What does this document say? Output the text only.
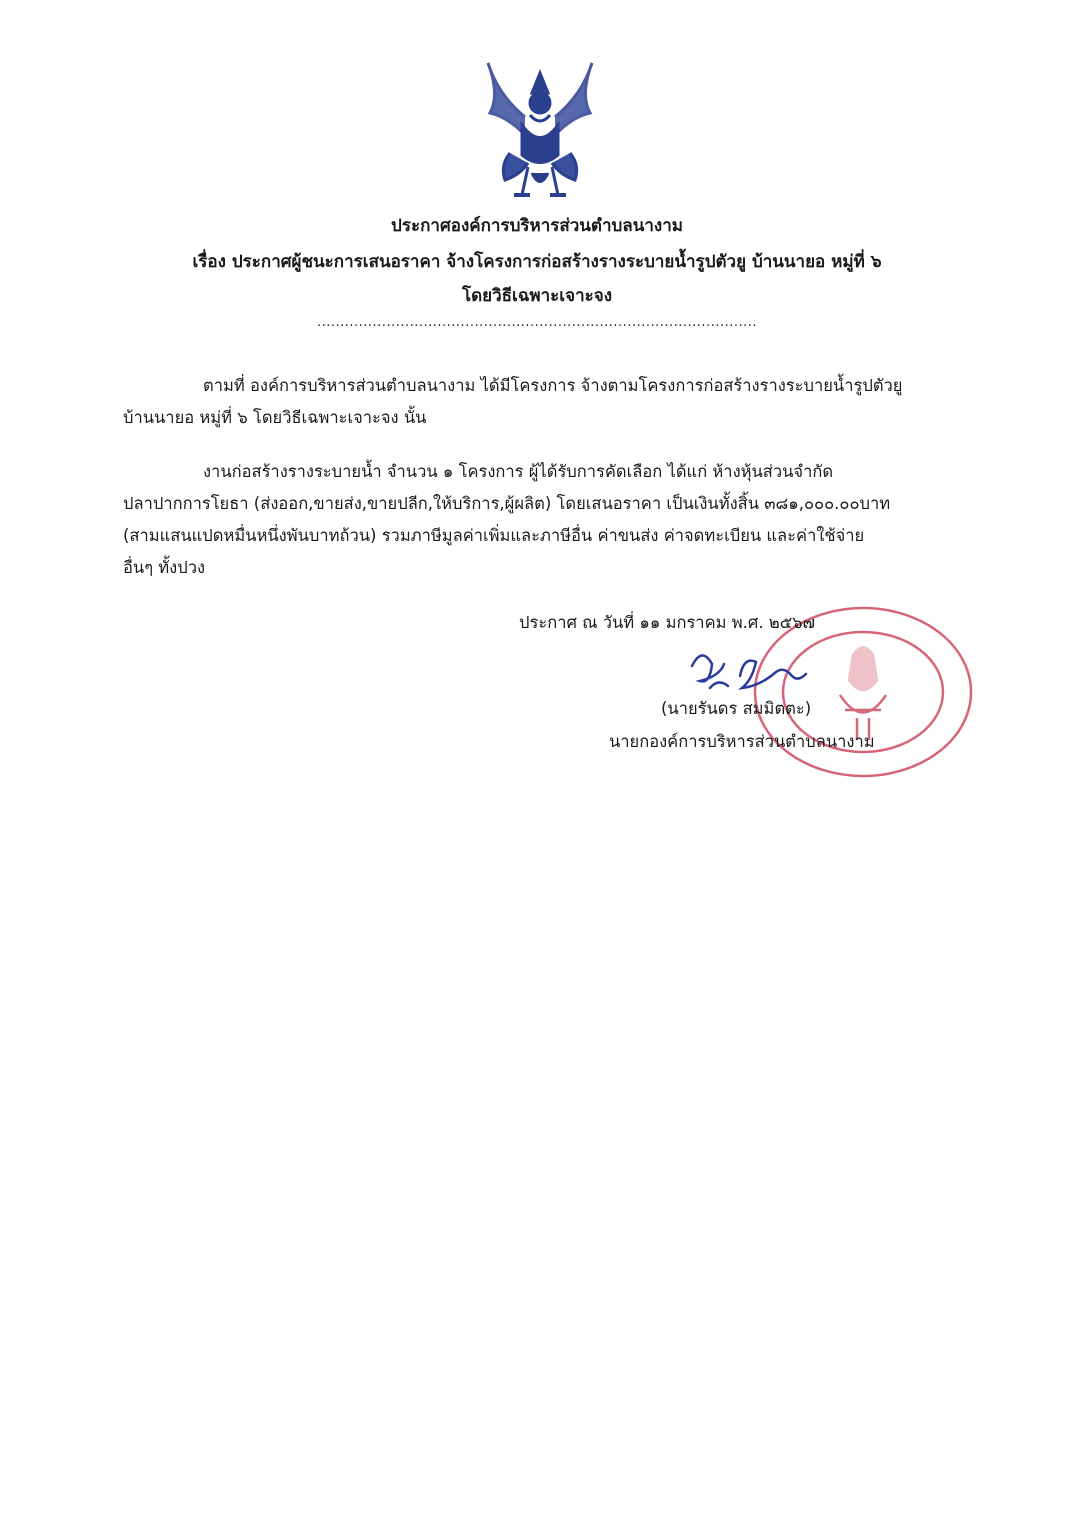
ประกาศองค์การบริหารส่วนตำบลนางาม
เรื่อง ประกาศผู้ชนะการเสนอราคา จ้างโครงการก่อสร้างรางระบายน้ำรูปตัวยู บ้านนายอ หมู่ที่ ๖
โดยวิธีเฉพาะเจาะจง
...............................................................................................
ตามที่ องค์การบริหารส่วนตำบลนางาม ได้มีโครงการ จ้างตามโครงการก่อสร้างรางระบายน้ำรูปตัวยู
บ้านนายอ หมู่ที่ ๖ โดยวิธีเฉพาะเจาะจง นั้น
งานก่อสร้างรางระบายน้ำ จำนวน ๑ โครงการ ผู้ได้รับการคัดเลือก ได้แก่ ห้างหุ้นส่วนจำกัด
ปลาปากการโยธา (ส่งออก,ขายส่ง,ขายปลีก,ให้บริการ,ผู้ผลิต) โดยเสนอราคา เป็นเงินทั้งสิ้น ๓๘๑,๐๐๐.๐๐บาท
(สามแสนแปดหมื่นหนึ่งพันบาทถ้วน) รวมภาษีมูลค่าเพิ่มและภาษีอื่น ค่าขนส่ง ค่าจดทะเบียน และค่าใช้จ่าย
อื่นๆ ทั้งปวง
ประกาศ ณ วันที่ ๑๑ มกราคม พ.ศ. ๒๕๖๗
(นายรันดร สมมิตตะ)
นายกองค์การบริหารส่วนตำบลนางาม
